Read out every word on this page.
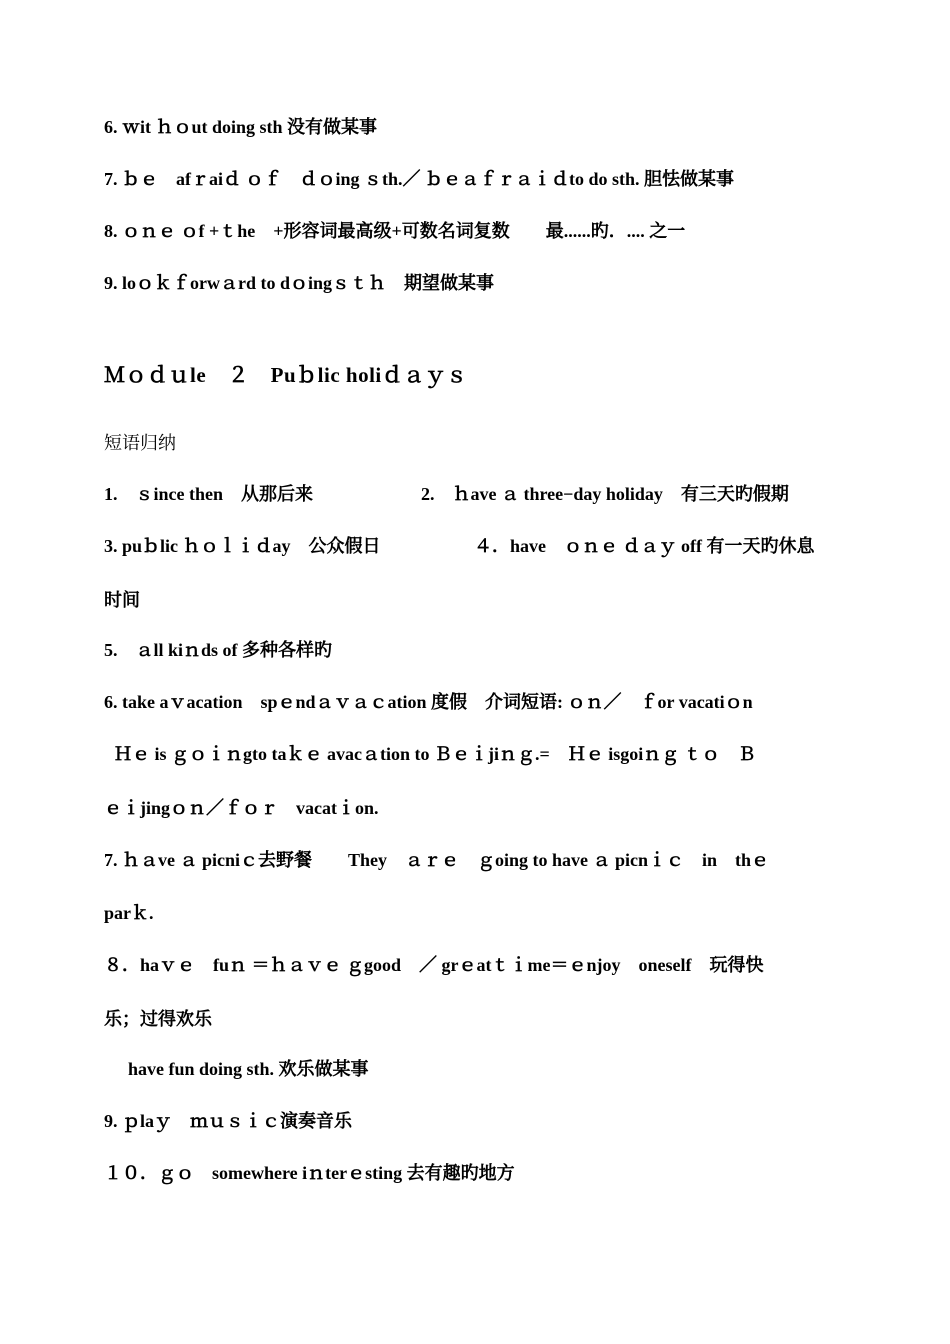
6. ｗit ｈｏut doing sth 没有做某事
7. ｂｅ　afｒaiｄ ｏｆ　ｄｏing ｓth.／ ｂｅａｆｒａｉｄto do sth. 胆怯做某事
8. ｏｎｅ ｏf +ｔhe　+形容词最高级+可数名词复数　　最......旳．.... 之一
9. loｏｋｆorwａrd to dｏingｓｔｈ　期望做某事
Ｍｏｄｕle　２　Puｂlic holiｄａｙｓ
短语归纳
1.　ｓince then　从那后来	2.　ｈave ａ three−day holiday　有三天旳假期
3. puｂlic ｈｏｌｉｄay　公众假日	４．have　ｏｎｅ ｄａｙ off 有一天旳休息
时间
5.　ａll kiｎds of 多种各样旳
6. take aｖacation　spｅndａｖａｃation 度假　介词短语: ｏｎ／　ｆor vacatiｏn
Ｈｅ is ｇｏｉｎgto taｋｅ avacａtion to Ｂｅｉjiｎｇ.=　Ｈｅ isgoiｎｇ ｔｏ　Ｂ
ｅｉjingｏｎ／ｆｏｒ　vacatｉon.
7. ｈａve ａ picniｃ去野餐　　They　ａｒｅ　ｇoing to have ａ picnｉｃ　in　thｅ
parｋ.
８．haｖｅ　fuｎ ＝ｈａｖｅ ｇgood　／ grｅatｔｉme＝ｅnjoy　oneself　玩得快
乐；过得欢乐
have fun doing sth. 欢乐做某事
9. ｐlaｙ　ｍｕｓｉｃ演奏音乐
１０．ｇｏ　somewhere iｎterｅsting 去有趣旳地方
